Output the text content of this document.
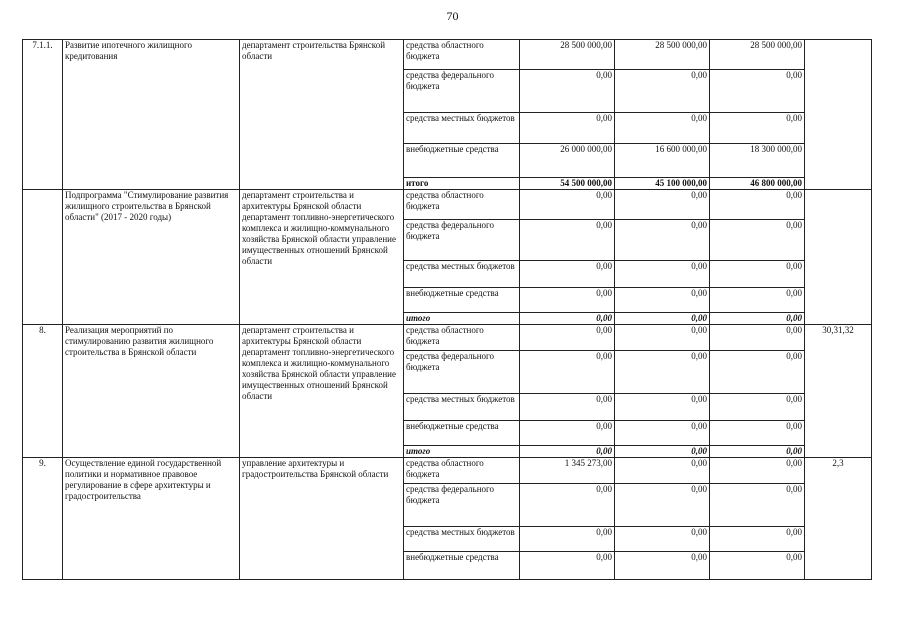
70
7.1.1.	Развитие ипотечного жилищного кредитования	департамент строительства Брянской области	средства областного бюджета	28 500 000,00	28 500 000,00	28 500 000,00	
			средства федерального бюджета	0,00	0,00	0,00	
			средства местных бюджетов	0,00	0,00	0,00	
			внебюджетные средства	26 000 000,00	16 600 000,00	18 300 000,00	
			итого	54 500 000,00	45 100 000,00	46 800 000,00	
	Подпрограмма "Стимулирование развития жилищного строительства в Брянской области" (2017 - 2020 годы)	департамент строительства и архитектуры Брянской области департамент топливно-энергетического комплекса и жилищно-коммунального хозяйства Брянской области управление имущественных отношений Брянской области	средства областного бюджета	0,00	0,00	0,00	
			средства федерального бюджета	0,00	0,00	0,00	
			средства местных бюджетов	0,00	0,00	0,00	
			внебюджетные средства	0,00	0,00	0,00	
			итого	0,00	0,00	0,00	
8.	Реализация мероприятий по стимулированию развития жилищного строительства в Брянской области	департамент строительства и архитектуры Брянской области департамент топливно-энергетического комплекса и жилищно-коммунального хозяйства Брянской области управление имущественных отношений Брянской области	средства областного бюджета	0,00	0,00	0,00	30,31,32
			средства федерального бюджета	0,00	0,00	0,00	
			средства местных бюджетов	0,00	0,00	0,00	
			внебюджетные средства	0,00	0,00	0,00	
			итого	0,00	0,00	0,00	
9.	Осуществление единой государственной политики и нормативное правовое регулирование в сфере архитектуры и градостроительства	управление архитектуры и градостроительства Брянской области	средства областного бюджета	1 345 273,00	0,00	0,00	2,3
			средства федерального бюджета	0,00	0,00	0,00	
			средства местных бюджетов	0,00	0,00	0,00	
			внебюджетные средства	0,00	0,00	0,00	
